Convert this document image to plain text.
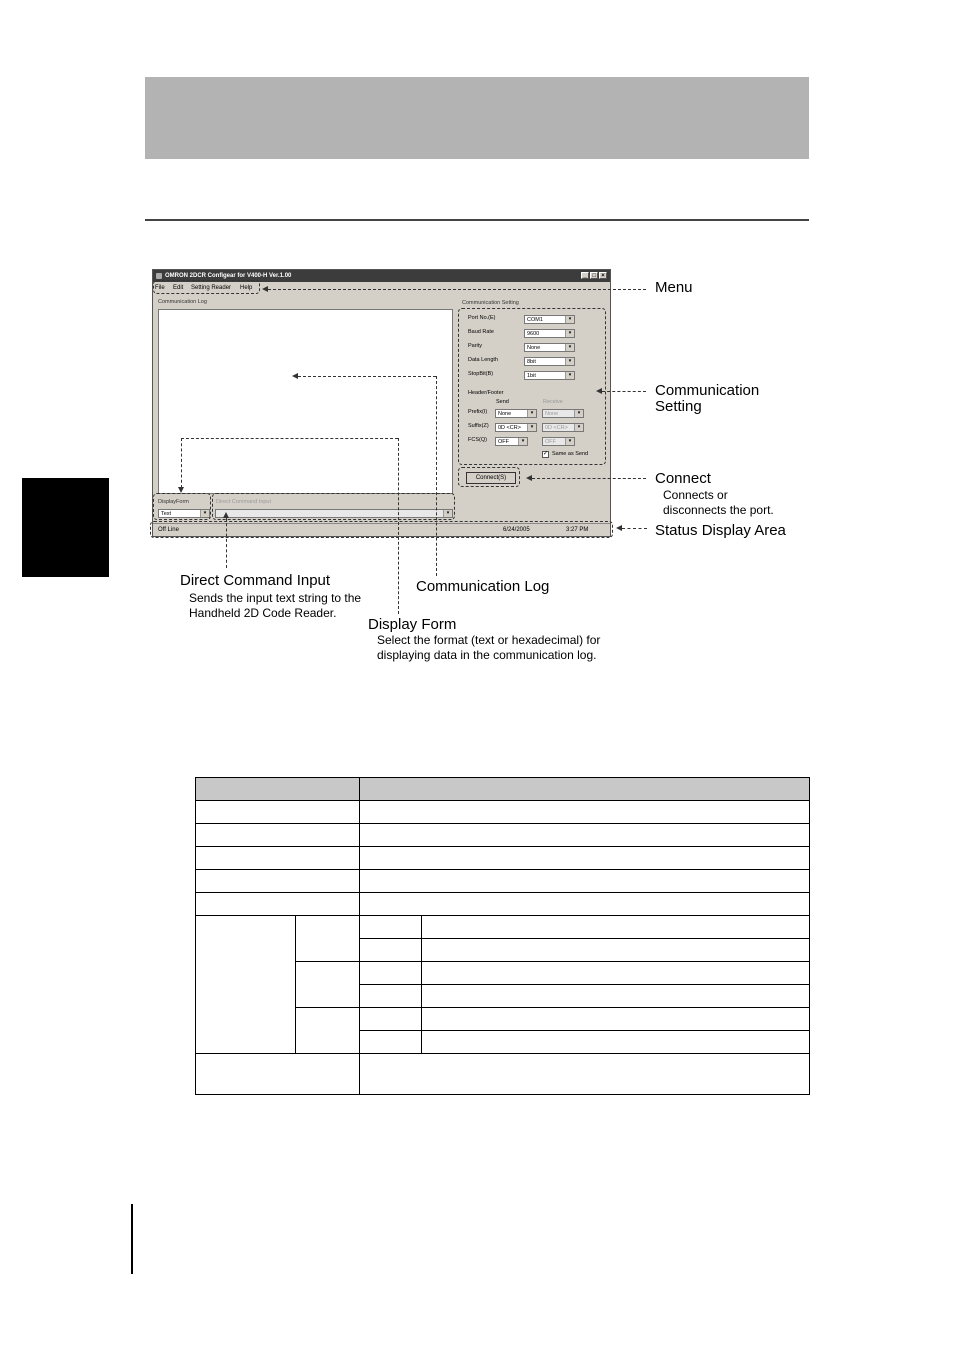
OMRON 2DCR Configear for V400-H Ver.1.00	_ □ ×
File Edit Setting Reader Help
Communication Log	Communication Setting
Port No.(E)	COM1	▾
Baud Rate	9600	▾
Parity	None	▾
Data Length	8bit	▾
StopBit(B)	1bit	▾
Header/Footer
Send	Receive
Prefix(I)	None	▾	None	▾
Suffix(Z)	0D <CR>	▾	0D <CR>	▾
FCS(Q)	OFF	▾	OFF	▾
✓ Same as Send
Connect(S)
DisplayForm
Text	▾
Direct Command Input
▾
Off Line	6/24/2005	3:27 PM
Menu
Communication
Setting
Connect
Connects or
disconnects the port.
Status Display Area
Direct Command Input
Sends the input text string to the
Handheld 2D Code Reader.
Communication Log
Display Form
Select the format (text or hexadecimal) for
displaying data in the communication log.
